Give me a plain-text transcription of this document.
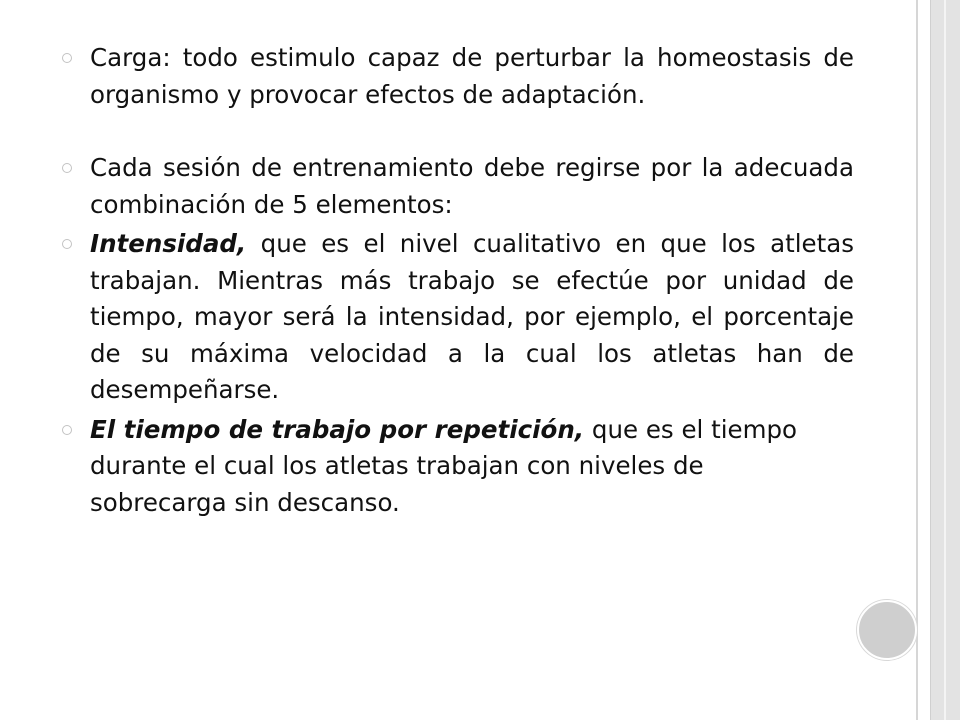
Carga: todo estimulo capaz de perturbar la homeostasis de organismo y provocar efectos de adaptación.
Cada sesión de entrenamiento debe regirse por la adecuada combinación de 5 elementos:
Intensidad, que es el nivel cualitativo en que los atletas trabajan. Mientras más trabajo se efectúe por unidad de tiempo, mayor será la intensidad, por ejemplo, el porcentaje de su máxima velocidad a la cual los atletas han de desempeñarse.
El tiempo de trabajo por repetición, que es el tiempo durante el cual los atletas trabajan con niveles de sobrecarga sin descanso.
